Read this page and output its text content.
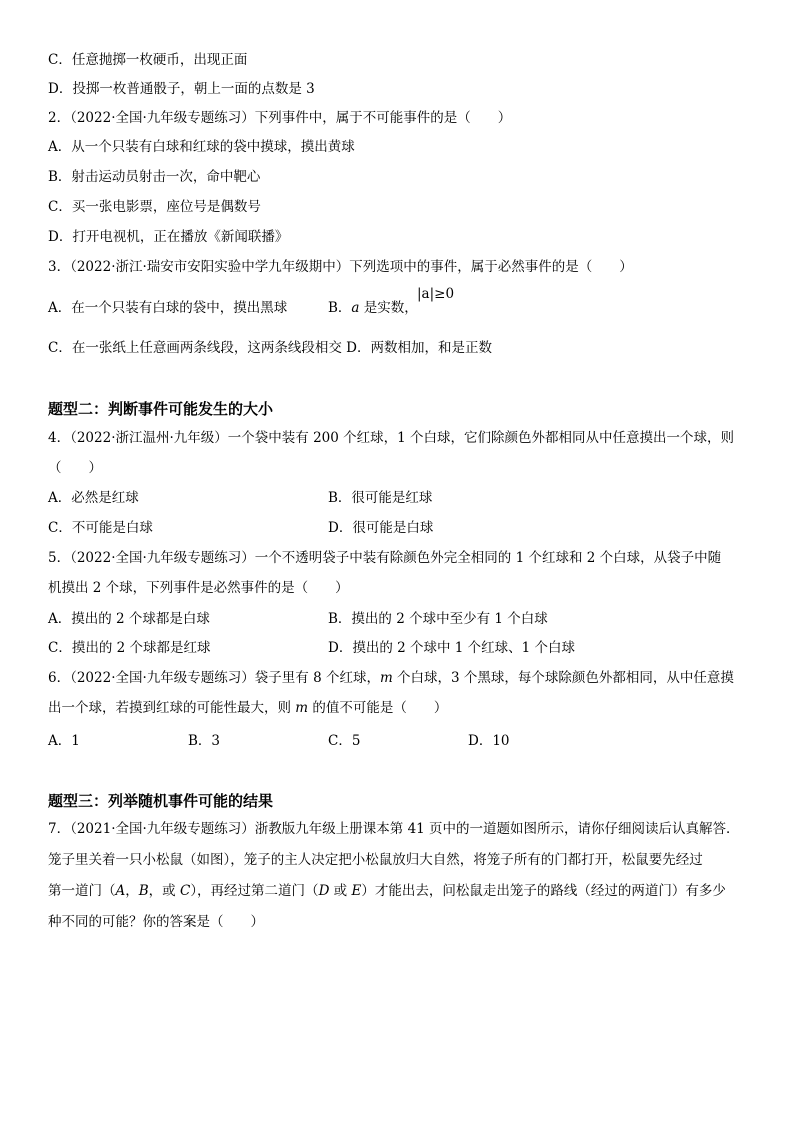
C．任意抛掷一枚硬币，出现正面
D．投掷一枚普通骰子，朝上一面的点数是 3
2．（2022·全国·九年级专题练习）下列事件中，属于不可能事件的是（　　）
A．从一个只装有白球和红球的袋中摸球，摸出黄球
B．射击运动员射击一次，命中靶心
C．买一张电影票，座位号是偶数号
D．打开电视机，正在播放《新闻联播》
3．（2022·浙江·瑞安市安阳实验中学九年级期中）下列选项中的事件，属于必然事件的是（　　）
A．在一个只装有白球的袋中，摸出黑球	B．a 是实数，
|a|≥0
C．在一张纸上任意画两条线段，这两条线段相交 D．两数相加，和是正数
题型二：判断事件可能发生的大小
4．（2022·浙江温州·九年级）一个袋中装有 200 个红球，1 个白球，它们除颜色外都相同从中任意摸出一个球，则
（　　）
A．必然是红球	B．很可能是红球
C．不可能是白球	D．很可能是白球
5．（2022·全国·九年级专题练习）一个不透明袋子中装有除颜色外完全相同的 1 个红球和 2 个白球，从袋子中随
机摸出 2 个球，下列事件是必然事件的是（　　）
A．摸出的 2 个球都是白球	B．摸出的 2 个球中至少有 1 个白球
C．摸出的 2 个球都是红球	D．摸出的 2 个球中 1 个红球、1 个白球
6．（2022·全国·九年级专题练习）袋子里有 8 个红球，m 个白球，3 个黑球，每个球除颜色外都相同，从中任意摸
出一个球，若摸到红球的可能性最大，则 m 的值不可能是（　　）
A．1	B．3	C．5	D．10
题型三：列举随机事件可能的结果
7．（2021·全国·九年级专题练习）浙教版九年级上册课本第 41 页中的一道题如图所示，请你仔细阅读后认真解答．
笼子里关着一只小松鼠（如图），笼子的主人决定把小松鼠放归大自然，将笼子所有的门都打开，松鼠要先经过
第一道门（A，B，或 C），再经过第二道门（D 或 E）才能出去，问松鼠走出笼子的路线（经过的两道门）有多少
种不同的可能？你的答案是（　　）
